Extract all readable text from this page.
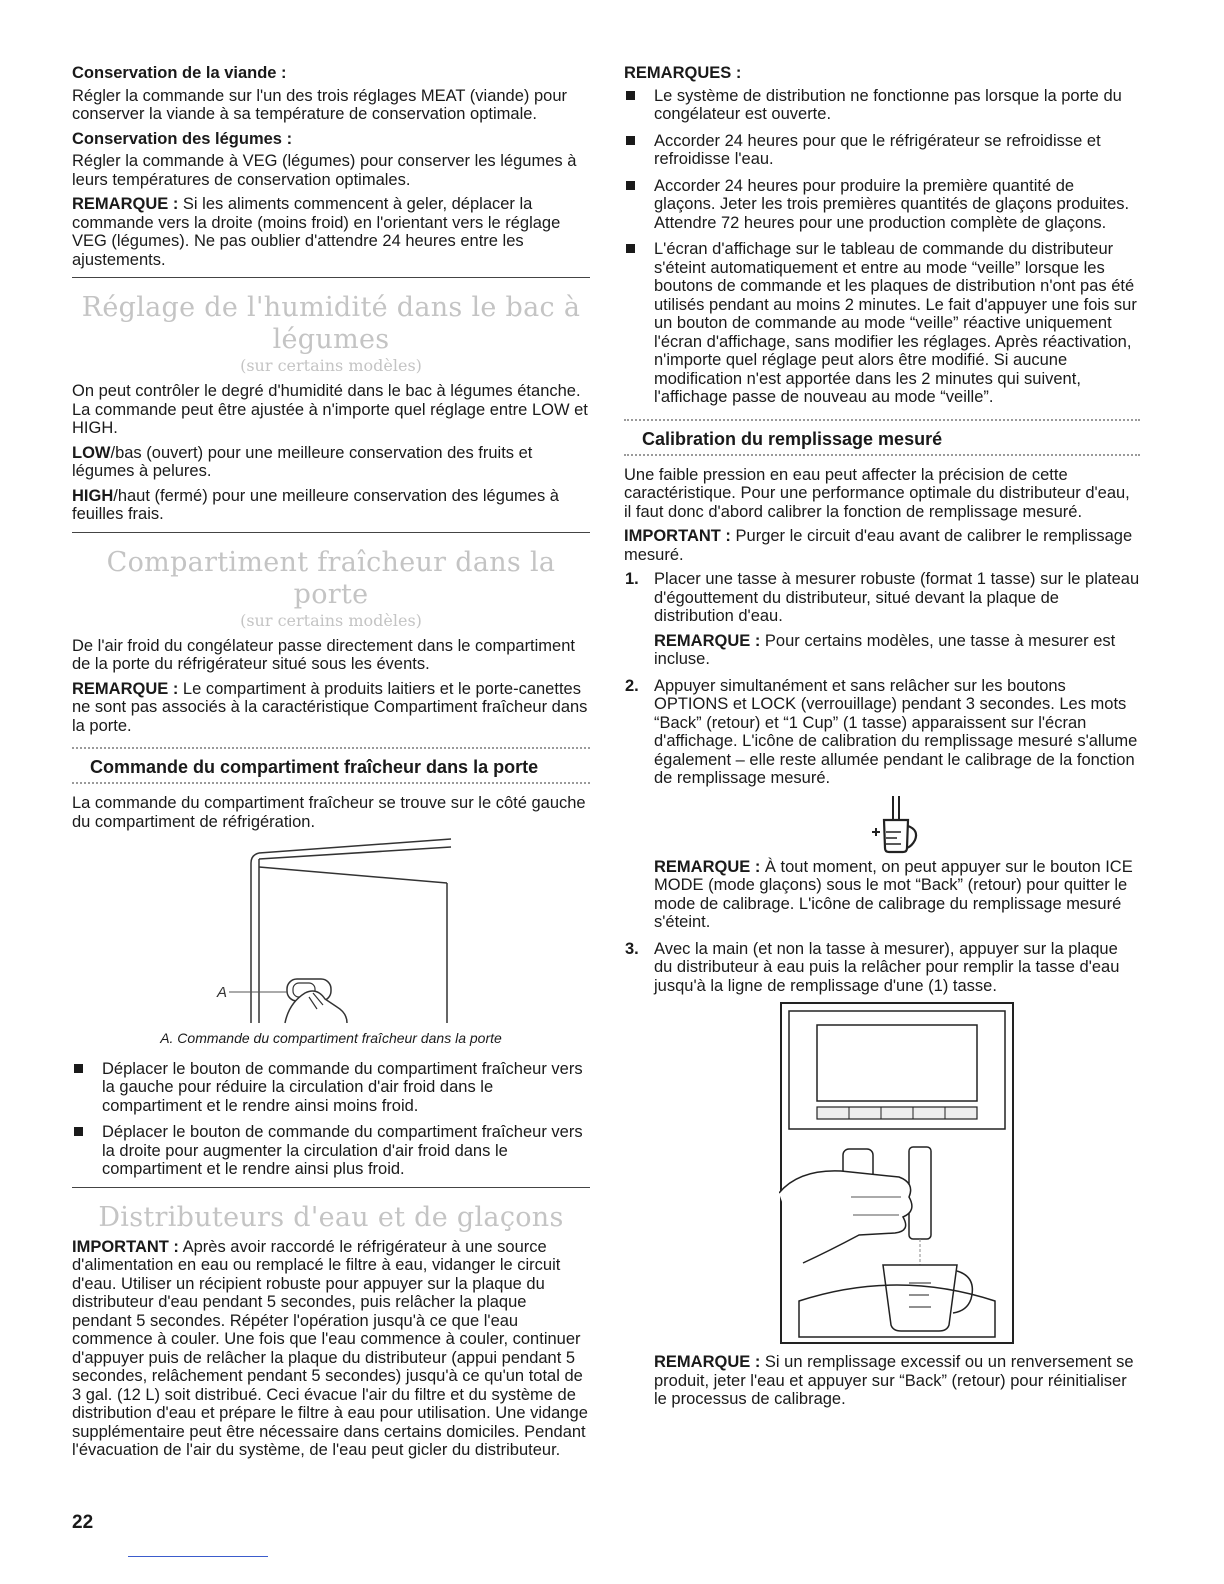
Conservation de la viande :

Régler la commande sur l'un des trois réglages MEAT (viande) pour conserver la viande à sa température de conservation optimale.

Conservation des légumes :

Régler la commande à VEG (légumes) pour conserver les légumes à leurs températures de conservation optimales.

REMARQUE : Si les aliments commencent à geler, déplacer la commande vers la droite (moins froid) en l'orientant vers le réglage VEG (légumes). Ne pas oublier d'attendre 24 heures entre les ajustements.

Réglage de l'humidité dans le bac à légumes
(sur certains modèles)

On peut contrôler le degré d'humidité dans le bac à légumes étanche. La commande peut être ajustée à n'importe quel réglage entre LOW et HIGH.

LOW/bas (ouvert) pour une meilleure conservation des fruits et légumes à pelures.

HIGH/haut (fermé) pour une meilleure conservation des légumes à feuilles frais.

Compartiment fraîcheur dans la porte
(sur certains modèles)

De l'air froid du congélateur passe directement dans le compartiment de la porte du réfrigérateur situé sous les évents.

REMARQUE : Le compartiment à produits laitiers et le porte-canettes ne sont pas associés à la caractéristique Compartiment fraîcheur dans la porte.

Commande du compartiment fraîcheur dans la porte

La commande du compartiment fraîcheur se trouve sur le côté gauche du compartiment de réfrigération.

A
A. Commande du compartiment fraîcheur dans la porte
Déplacer le bouton de commande du compartiment fraîcheur vers la gauche pour réduire la circulation d'air froid dans le compartiment et le rendre ainsi moins froid.
Déplacer le bouton de commande du compartiment fraîcheur vers la droite pour augmenter la circulation d'air froid dans le compartiment et le rendre ainsi plus froid.
Distributeurs d'eau et de glaçons

IMPORTANT : Après avoir raccordé le réfrigérateur à une source d'alimentation en eau ou remplacé le filtre à eau, vidanger le circuit d'eau. Utiliser un récipient robuste pour appuyer sur la plaque du distributeur d'eau pendant 5 secondes, puis relâcher la plaque pendant 5 secondes. Répéter l'opération jusqu'à ce que l'eau commence à couler. Une fois que l'eau commence à couler, continuer d'appuyer puis de relâcher la plaque du distributeur (appui pendant 5 secondes, relâchement pendant 5 secondes) jusqu'à ce qu'un total de 3 gal. (12 L) soit distribué. Ceci évacue l'air du filtre et du système de distribution d'eau et prépare le filtre à eau pour utilisation. Une vidange supplémentaire peut être nécessaire dans certains domiciles. Pendant l'évacuation de l'air du système, de l'eau peut gicler du distributeur.

REMARQUES :

Le système de distribution ne fonctionne pas lorsque la porte du congélateur est ouverte.
Accorder 24 heures pour que le réfrigérateur se refroidisse et refroidisse l'eau.
Accorder 24 heures pour produire la première quantité de glaçons. Jeter les trois premières quantités de glaçons produites. Attendre 72 heures pour une production complète de glaçons.
L'écran d'affichage sur le tableau de commande du distributeur s'éteint automatiquement et entre au mode “veille” lorsque les boutons de commande et les plaques de distribution n'ont pas été utilisés pendant au moins 2 minutes. Le fait d'appuyer une fois sur un bouton de commande au mode “veille” réactive uniquement l'écran d'affichage, sans modifier les réglages. Après réactivation, n'importe quel réglage peut alors être modifié. Si aucune modification n'est apportée dans les 2 minutes qui suivent, l'affichage passe de nouveau au mode “veille”.
Calibration du remplissage mesuré

Une faible pression en eau peut affecter la précision de cette caractéristique. Pour une performance optimale du distributeur d'eau, il faut donc d'abord calibrer la fonction de remplissage mesuré.

IMPORTANT : Purger le circuit d'eau avant de calibrer le remplissage mesuré.

1. Placer une tasse à mesurer robuste (format 1 tasse) sur le plateau d'égouttement du distributeur, situé devant la plaque de distribution d'eau.

REMARQUE : Pour certains modèles, une tasse à mesurer est incluse.

2. Appuyer simultanément et sans relâcher sur les boutons OPTIONS et LOCK (verrouillage) pendant 3 secondes. Les mots “Back” (retour) et “1 Cup” (1 tasse) apparaissent sur l'écran d'affichage. L'icône de calibration du remplissage mesuré s'allume également – elle reste allumée pendant le calibrage de la fonction de remplissage mesuré.

REMARQUE : À tout moment, on peut appuyer sur le bouton ICE MODE (mode glaçons) sous le mot “Back” (retour) pour quitter le mode de calibrage. L'icône de calibrage du remplissage mesuré s'éteint.

3. Avec la main (et non la tasse à mesurer), appuyer sur la plaque du distributeur à eau puis la relâcher pour remplir la tasse d'eau jusqu'à la ligne de remplissage d'une (1) tasse.

REMARQUE : Si un remplissage excessif ou un renversement se produit, jeter l'eau et appuyer sur “Back” (retour) pour réinitialiser le processus de calibrage.

22
